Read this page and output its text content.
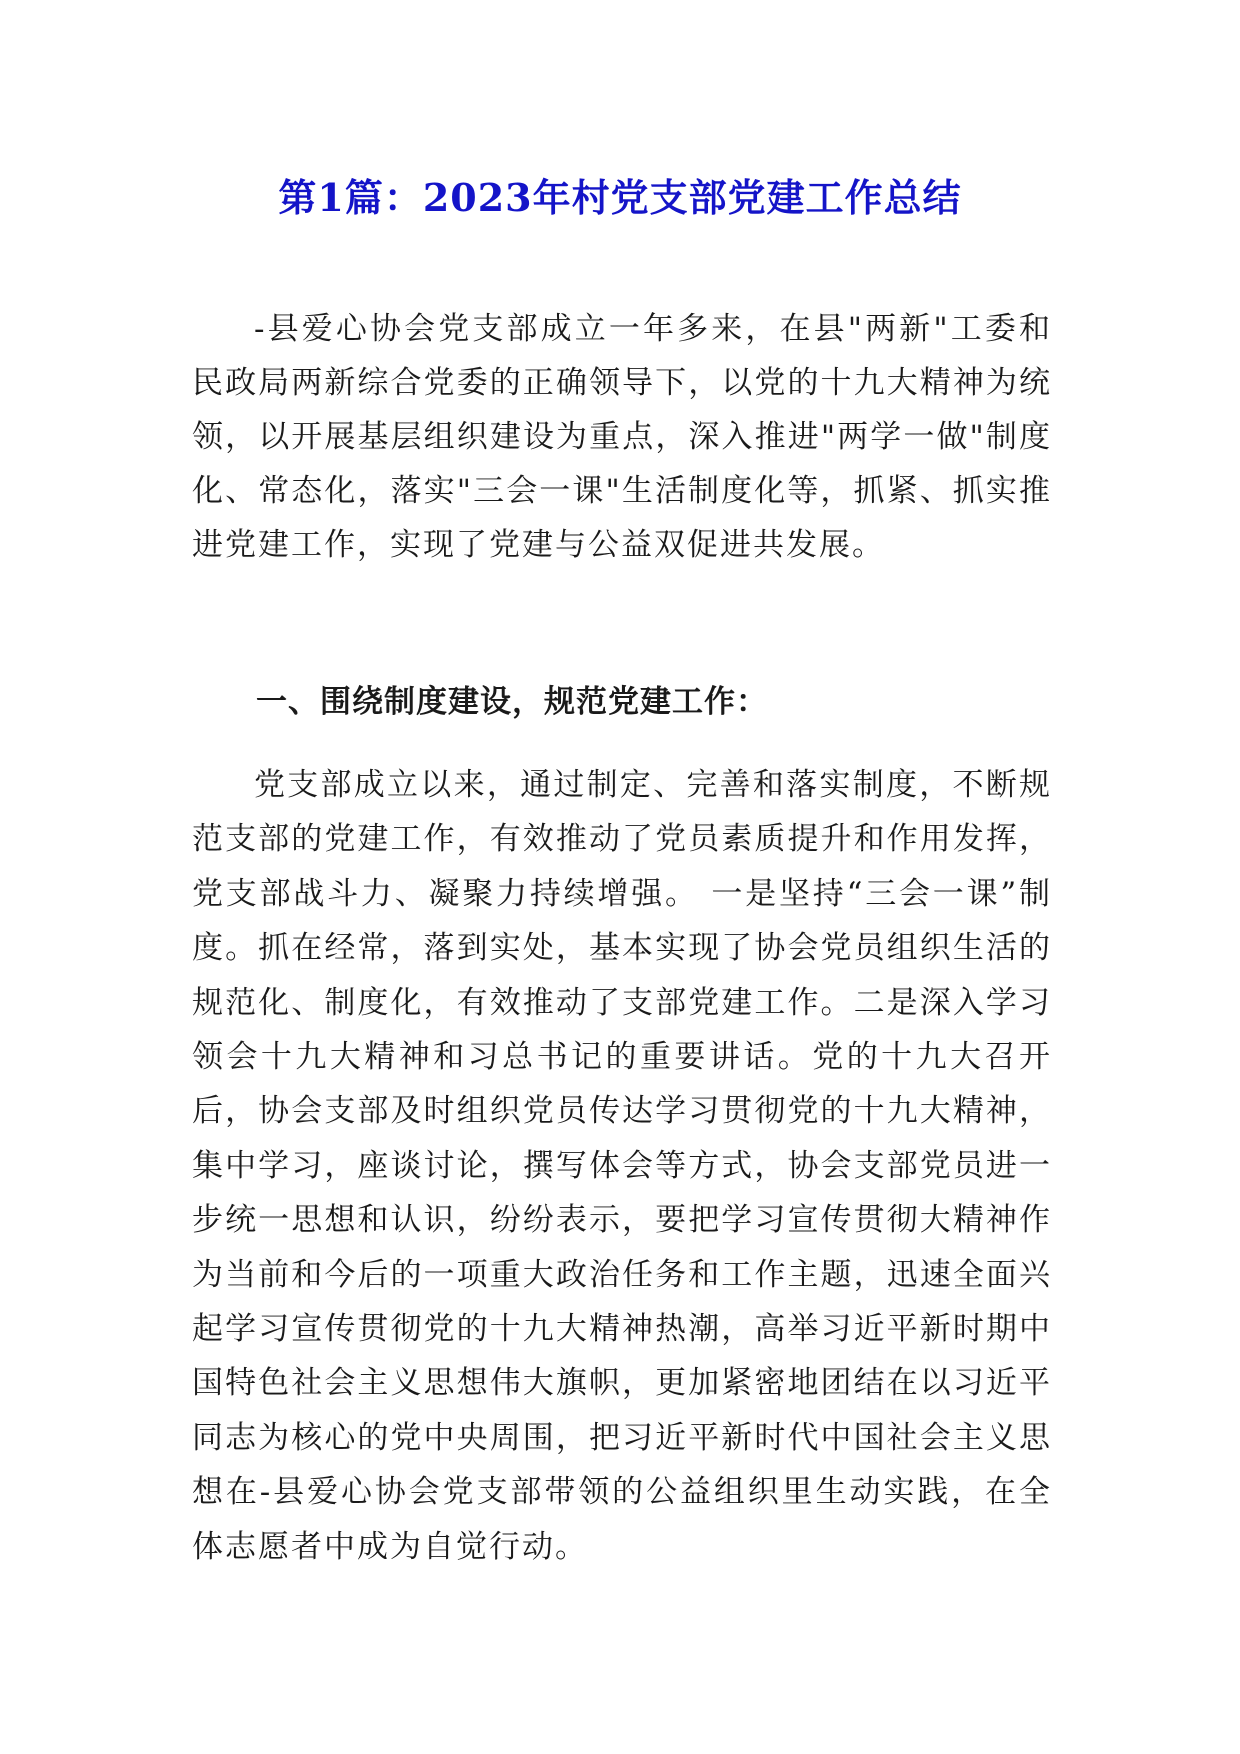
第1篇：2023年村党支部党建工作总结

-县爱心协会党支部成立一年多来，在县"两新"工委和民政局两新综合党委的正确领导下，以党的十九大精神为统领，以开展基层组织建设为重点，深入推进"两学一做"制度化、常态化，落实"三会一课"生活制度化等，抓紧、抓实推进党建工作，实现了党建与公益双促进共发展。

一、围绕制度建设，规范党建工作：

党支部成立以来，通过制定、完善和落实制度，不断规范支部的党建工作，有效推动了党员素质提升和作用发挥，党支部战斗力、凝聚力持续增强。 一是坚持“三会一课”制度。抓在经常，落到实处，基本实现了协会党员组织生活的规范化、制度化，有效推动了支部党建工作。二是深入学习领会十九大精神和习总书记的重要讲话。党的十九大召开后，协会支部及时组织党员传达学习贯彻党的十九大精神，集中学习，座谈讨论，撰写体会等方式，协会支部党员进一步统一思想和认识，纷纷表示，要把学习宣传贯彻大精神作为当前和今后的一项重大政治任务和工作主题，迅速全面兴起学习宣传贯彻党的十九大精神热潮，高举习近平新时期中国特色社会主义思想伟大旗帜，更加紧密地团结在以习近平同志为核心的党中央周围，把习近平新时代中国社会主义思想在-县爱心协会党支部带领的公益组织里生动实践，在全体志愿者中成为自觉行动。
